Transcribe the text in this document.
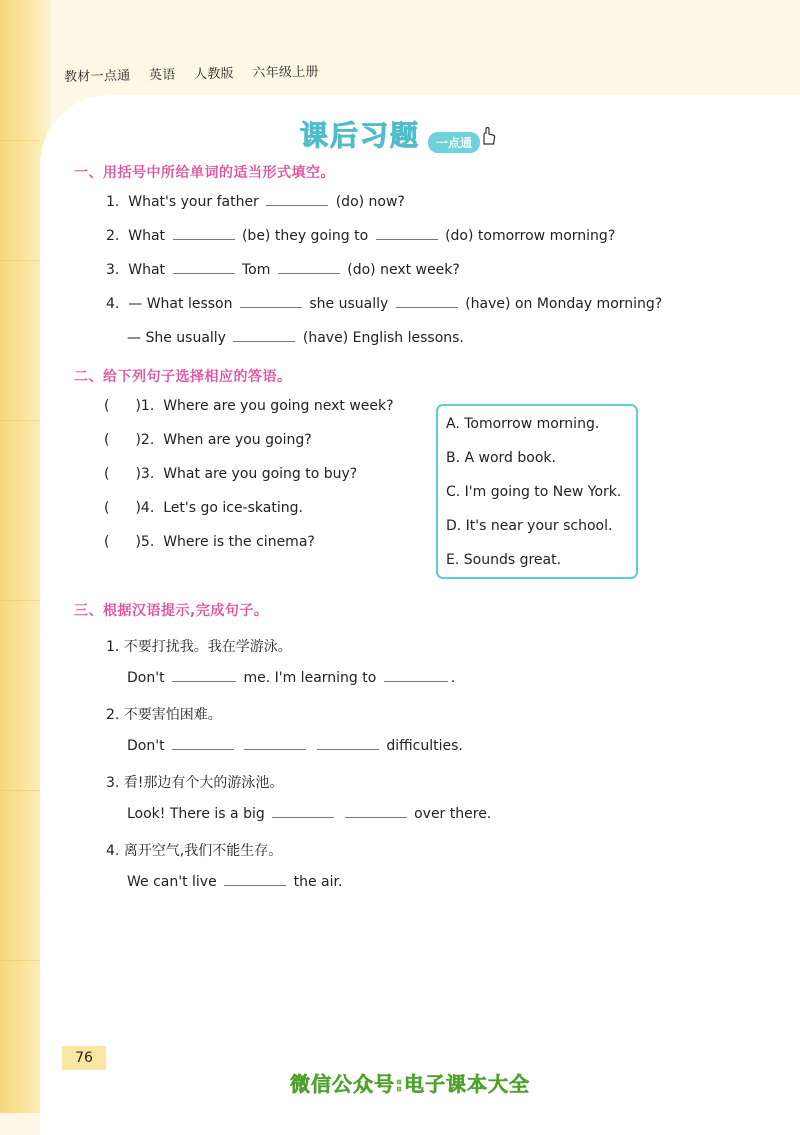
教材一点通 英语 人教版 六年级上册
课后习题	一点通
一、用括号中所给单词的适当形式填空。
1. What's your father	(do) now?
2. What	(be) they going to	(do) tomorrow morning?
3. What	Tom	(do) next week?
4. — What lesson	she usually	(have) on Monday morning?
— She usually	(have) English lessons.
二、给下列句子选择相应的答语。
( )1. Where are you going next week?
( )2. When are you going?
( )3. What are you going to buy?
( )4. Let's go ice-skating.
( )5. Where is the cinema?
A. Tomorrow morning.
B. A word book.
C. I'm going to New York.
D. It's near your school.
E. Sounds great.
三、根据汉语提示,完成句子。
1. 不要打扰我。我在学游泳。
Don't	me. I'm learning to	.
2. 不要害怕困难。
Don't	difficulties.
3. 看!那边有个大的游泳池。
Look! There is a big	over there.
4. 离开空气,我们不能生存。
We can't live	the air.
76
微信公众号:电子课本大全
